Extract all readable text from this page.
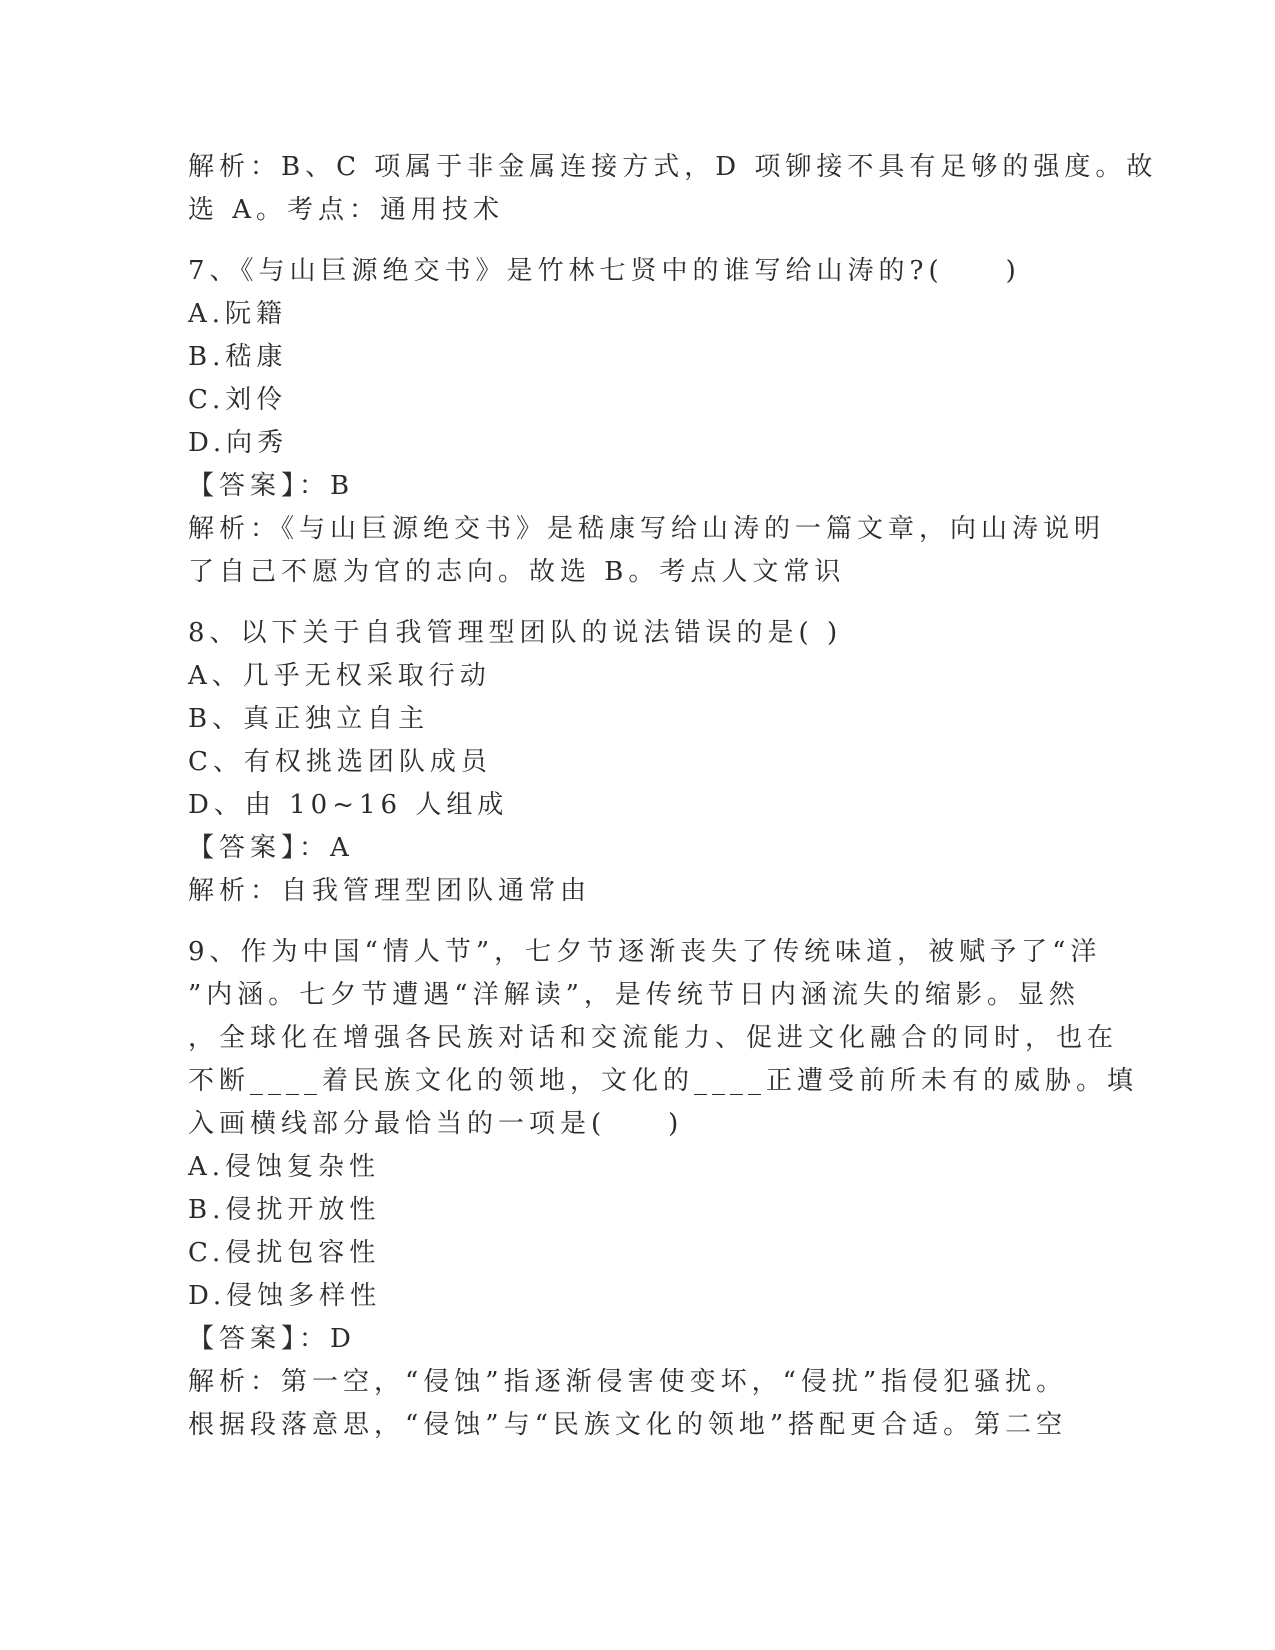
解析：B、C 项属于非金属连接方式，D 项铆接不具有足够的强度。故

选 A。考点：通用技术

7、《与山巨源绝交书》是竹林七贤中的谁写给山涛的?(　　)

A.阮籍

B.嵇康

C.刘伶

D.向秀

【答案】：B

解析：《与山巨源绝交书》是嵇康写给山涛的一篇文章，向山涛说明

了自己不愿为官的志向。故选 B。考点人文常识

8、以下关于自我管理型团队的说法错误的是( )

A、几乎无权采取行动

B、真正独立自主

C、有权挑选团队成员

D、由 10~16 人组成

【答案】：A

解析：自我管理型团队通常由

9、作为中国“情人节”，七夕节逐渐丧失了传统味道，被赋予了“洋

”内涵。七夕节遭遇“洋解读”，是传统节日内涵流失的缩影。显然

，全球化在增强各民族对话和交流能力、促进文化融合的同时，也在

不断____着民族文化的领地，文化的____正遭受前所未有的威胁。填

入画横线部分最恰当的一项是(　　)

A.侵蚀复杂性

B.侵扰开放性

C.侵扰包容性

D.侵蚀多样性

【答案】：D

解析：第一空，“侵蚀”指逐渐侵害使变坏，“侵扰”指侵犯骚扰。

根据段落意思，“侵蚀”与“民族文化的领地”搭配更合适。第二空
